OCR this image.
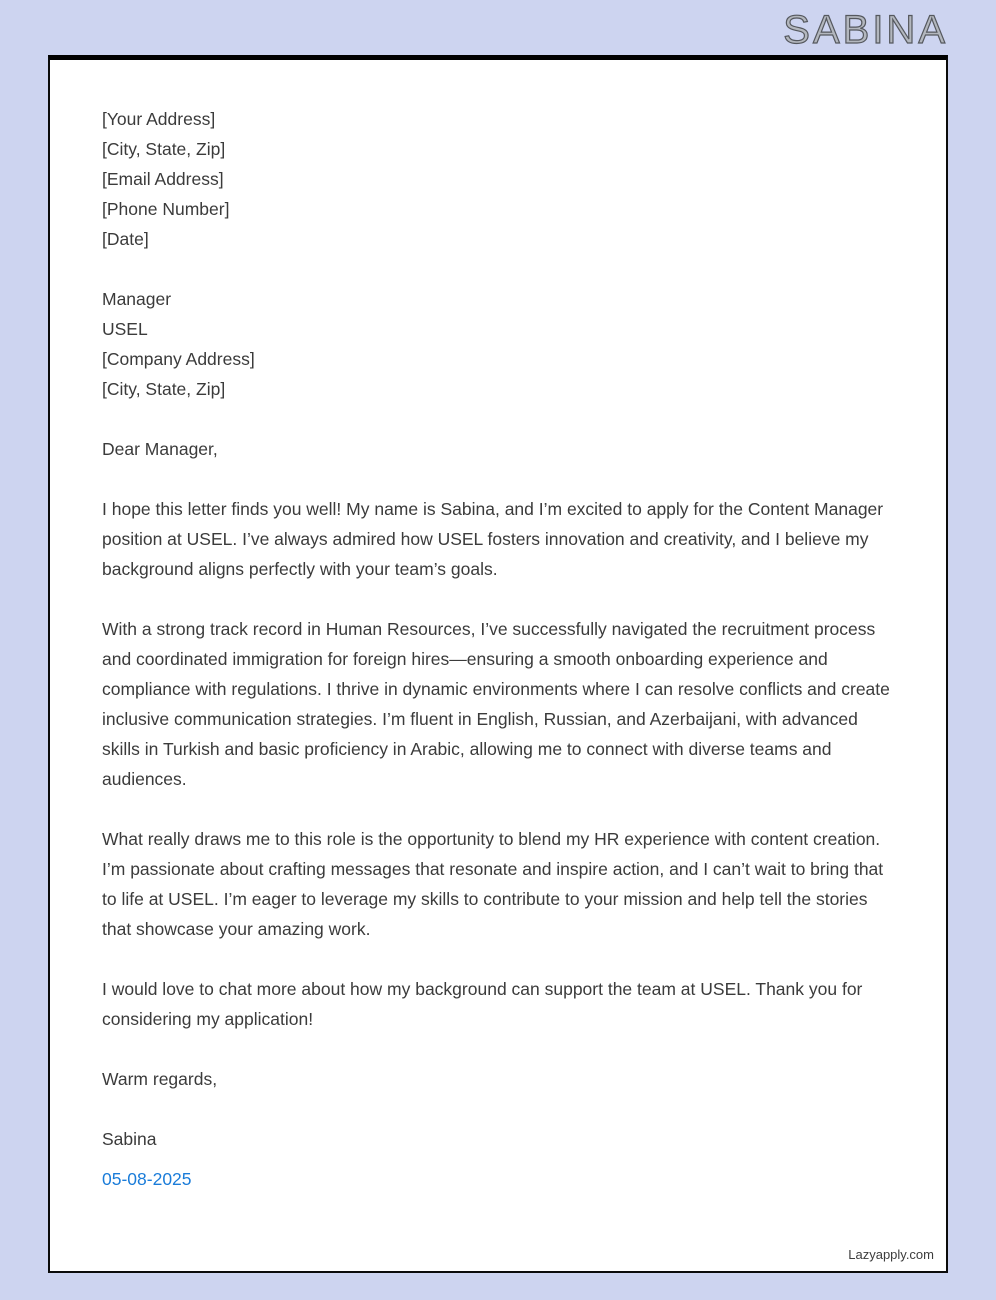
SABINA
[Your Address]
[City, State, Zip]
[Email Address]
[Phone Number]
[Date]
Manager
USEL
[Company Address]
[City, State, Zip]
Dear Manager,

I hope this letter finds you well! My name is Sabina, and I’m excited to apply for the Content Manager position at USEL. I’ve always admired how USEL fosters innovation and creativity, and I believe my background aligns perfectly with your team’s goals.

With a strong track record in Human Resources, I’ve successfully navigated the recruitment process and coordinated immigration for foreign hires—ensuring a smooth onboarding experience and compliance with regulations. I thrive in dynamic environments where I can resolve conflicts and create inclusive communication strategies. I’m fluent in English, Russian, and Azerbaijani, with advanced skills in Turkish and basic proficiency in Arabic, allowing me to connect with diverse teams and audiences.

What really draws me to this role is the opportunity to blend my HR experience with content creation. I’m passionate about crafting messages that resonate and inspire action, and I can’t wait to bring that to life at USEL. I’m eager to leverage my skills to contribute to your mission and help tell the stories that showcase your amazing work.

I would love to chat more about how my background can support the team at USEL. Thank you for considering my application!

Warm regards,
Sabina
05-08-2025
Lazyapply.com
